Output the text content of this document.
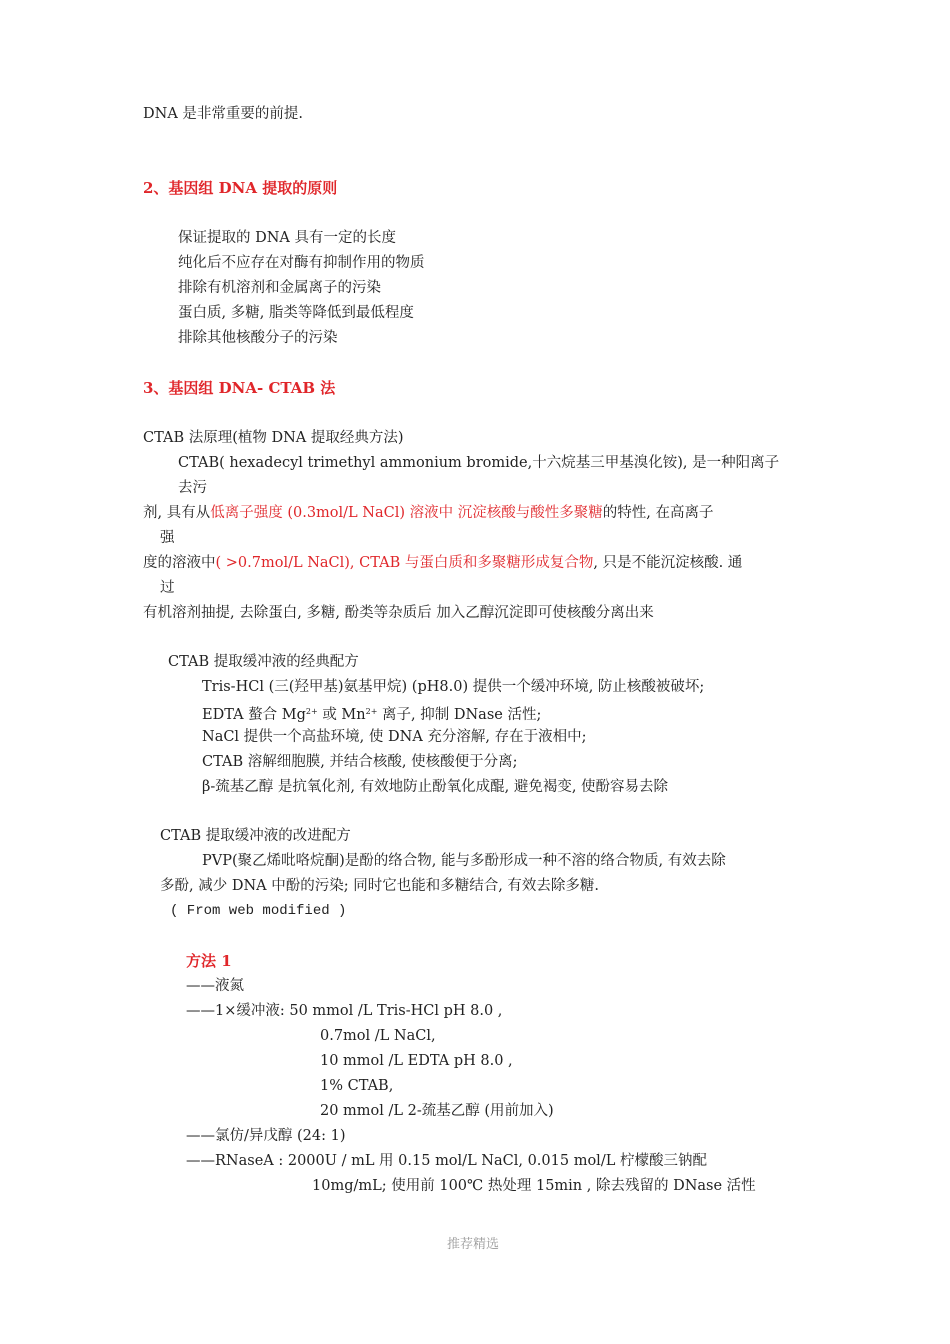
DNA 是非常重要的前提.
2、基因组 DNA 提取的原则
保证提取的 DNA 具有一定的长度
纯化后不应存在对酶有抑制作用的物质
排除有机溶剂和金属离子的污染
蛋白质, 多糖, 脂类等降低到最低程度
排除其他核酸分子的污染
3、基因组 DNA- CTAB 法
CTAB 法原理(植物 DNA 提取经典方法)
CTAB( hexadecyl trimethyl ammonium bromide,十六烷基三甲基溴化铵), 是一种阳离子
去污
剂, 具有从低离子强度 (0.3mol/L NaCl) 溶液中 沉淀核酸与酸性多聚糖的特性, 在高离子
强
度的溶液中( >0.7mol/L NaCl), CTAB 与蛋白质和多聚糖形成复合物, 只是不能沉淀核酸. 通
过
有机溶剂抽提, 去除蛋白, 多糖, 酚类等杂质后 加入乙醇沉淀即可使核酸分离出来
CTAB 提取缓冲液的经典配方
Tris-HCl (三(羟甲基)氨基甲烷) (pH8.0) 提供一个缓冲环境, 防止核酸被破坏;
EDTA 螯合 $Mg^{2+}$ 或 $Mn^{2+}$ 离子, 抑制 DNase 活性;
NaCl 提供一个高盐环境, 使 DNA 充分溶解, 存在于液相中;
CTAB 溶解细胞膜, 并结合核酸, 使核酸便于分离;
β-巯基乙醇 是抗氧化剂, 有效地防止酚氧化成醌, 避免褐变, 使酚容易去除
CTAB 提取缓冲液的改进配方
PVP(聚乙烯吡咯烷酮)是酚的络合物, 能与多酚形成一种不溶的络合物质, 有效去除
多酚, 减少 DNA 中酚的污染; 同时它也能和多糖结合, 有效去除多糖.
( From web modified )
方法 1
——液氮
——1×缓冲液: 50 mmol /L Tris-HCl pH 8.0 ,
0.7mol /L NaCl,
10 mmol /L EDTA pH 8.0 ,
1% CTAB,
20 mmol /L 2-巯基乙醇 (用前加入)
——氯仿/异戊醇 (24: 1)
——RNaseA : 2000U / mL 用 0.15 mol/L NaCl, 0.015 mol/L 柠檬酸三钠配
10mg/mL; 使用前 100℃ 热处理 15min , 除去残留的 DNase 活性
推荐精选
